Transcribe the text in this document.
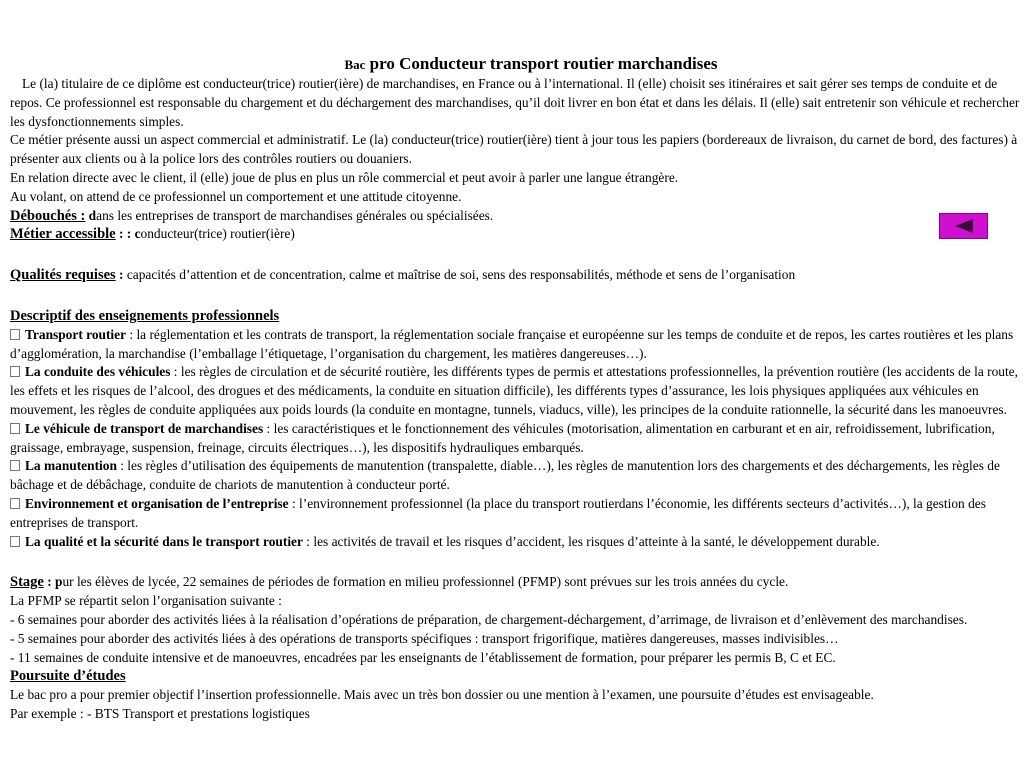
Bac pro Conducteur transport routier marchandises

Le (la) titulaire de ce diplôme est conducteur(trice) routier(ière) de marchandises, en France ou à l’international. Il (elle) choisit ses itinéraires et sait gérer ses temps de conduite et de repos. Ce professionnel est responsable du chargement et du déchargement des marchandises, qu’il doit livrer en bon état et dans les délais. Il (elle) sait entretenir son véhicule et rechercher les dysfonctionnements simples.

Ce métier présente aussi un aspect commercial et administratif. Le (la) conducteur(trice) routier(ière) tient à jour tous les papiers (bordereaux de livraison, du carnet de bord, des factures) à présenter aux clients ou à la police lors des contrôles routiers ou douaniers.

En relation directe avec le client, il (elle) joue de plus en plus un rôle commercial et peut avoir à parler une langue étrangère.

Au volant, on attend de ce professionnel un comportement et une attitude citoyenne.

Débouchés : dans les entreprises de transport de marchandises générales ou spécialisées.

Métier accessible : : conducteur(trice) routier(ière)

Qualités requises : capacités d’attention et de concentration, calme et maîtrise de soi, sens des responsabilités, méthode et sens de l’organisation

Descriptif des enseignements professionnels

Transport routier : la réglementation et les contrats de transport, la réglementation sociale française et européenne sur les temps de conduite et de repos, les cartes routières et les plans d’agglomération, la marchandise (l’emballage l’étiquetage, l’organisation du chargement, les matières dangereuses…).

La conduite des véhicules : les règles de circulation et de sécurité routière, les différents types de permis et attestations professionnelles, la prévention routière (les accidents de la route, les effets et les risques de l’alcool, des drogues et des médicaments, la conduite en situation difficile), les différents types d’assurance, les lois physiques appliquées aux véhicules en mouvement, les règles de conduite appliquées aux poids lourds (la conduite en montagne, tunnels, viaducs, ville), les principes de la conduite rationnelle, la sécurité dans les manoeuvres.

Le véhicule de transport de marchandises : les caractéristiques et le fonctionnement des véhicules (motorisation, alimentation en carburant et en air, refroidissement, lubrification, graissage, embrayage, suspension, freinage, circuits électriques…), les dispositifs hydrauliques embarqués.

La manutention : les règles d’utilisation des équipements de manutention (transpalette, diable…), les règles de manutention lors des chargements et des déchargements, les règles de bâchage et de débâchage, conduite de chariots de manutention à conducteur porté.

Environnement et organisation de l’entreprise : l’environnement professionnel (la place du transport routierdans l’économie, les différents secteurs d’activités…), la gestion des entreprises de transport.

La qualité et la sécurité dans le transport routier : les activités de travail et les risques d’accident, les risques d’atteinte à la santé, le développement durable.

Stage : pur les élèves de lycée, 22 semaines de périodes de formation en milieu professionnel (PFMP) sont prévues sur les trois années du cycle.

La PFMP se répartit selon l’organisation suivante :

- 6 semaines pour aborder des activités liées à la réalisation d’opérations de préparation, de chargement-déchargement, d’arrimage, de livraison et d’enlèvement des marchandises.

- 5 semaines pour aborder des activités liées à des opérations de transports spécifiques : transport frigorifique, matières dangereuses, masses indivisibles…

- 11 semaines de conduite intensive et de manoeuvres, encadrées par les enseignants de l’établissement de formation, pour préparer les permis B, C et EC.

Poursuite d’études

Le bac pro a pour premier objectif l’insertion professionnelle. Mais avec un très bon dossier ou une mention à l’examen, une poursuite d’études est envisageable.

Par exemple : - BTS Transport et prestations logistiques
